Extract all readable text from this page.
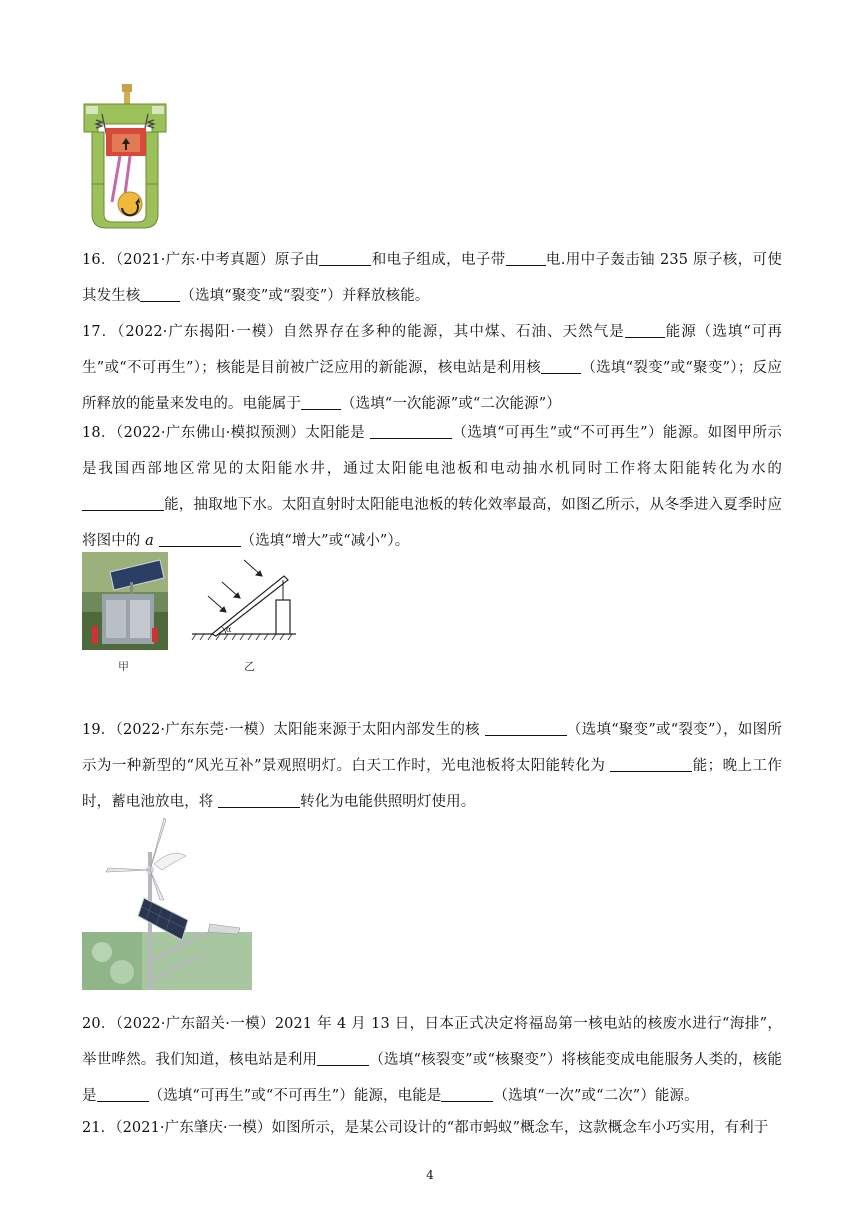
16．（2021·广东·中考真题）原子由	和电子组成，电子带	电.用中子轰击铀 235 原子核，可使其发生核	（选填“聚变”或“裂变”）并释放核能。

17．（2022·广东揭阳·一模）自然界存在多种的能源，其中煤、石油、天然气是	能源（选填“可再生”或“不可再生”）；核能是目前被广泛应用的新能源，核电站是利用核	（选填“裂变”或“聚变”）；反应所释放的能量来发电的。电能属于	（选填“一次能源”或“二次能源”）

18．（2022·广东佛山·模拟预测）太阳能是	（选填“可再生”或“不可再生”）能源。如图甲所示是我国西部地区常见的太阳能水井，通过太阳能电池板和电动抽水机同时工作将太阳能转化为水的能，抽取地下水。太阳直射时太阳能电池板的转化效率最高，如图乙所示，从冬季进入夏季时应将图中的 a	（选填“增大”或“减小”）。

甲
α
乙

19．（2022·广东东莞·一模）太阳能来源于太阳内部发生的核	（选填“聚变”或“裂变”），如图所示为一种新型的“风光互补”景观照明灯。白天工作时，光电池板将太阳能转化为	能；晚上工作时，蓄电池放电，将	转化为电能供照明灯使用。

20．（2022·广东韶关·一模）2021 年 4 月 13 日，日本正式决定将福岛第一核电站的核废水进行“海排”，举世哗然。我们知道，核电站是利用	（选填“核裂变”或“核聚变”）将核能变成电能服务人类的，核能是	（选填“可再生”或“不可再生”）能源，电能是	（选填“一次”或“二次”）能源。

21．（2021·广东肇庆·一模）如图所示，是某公司设计的“都市蚂蚁”概念车，这款概念车小巧实用，有利于

4
